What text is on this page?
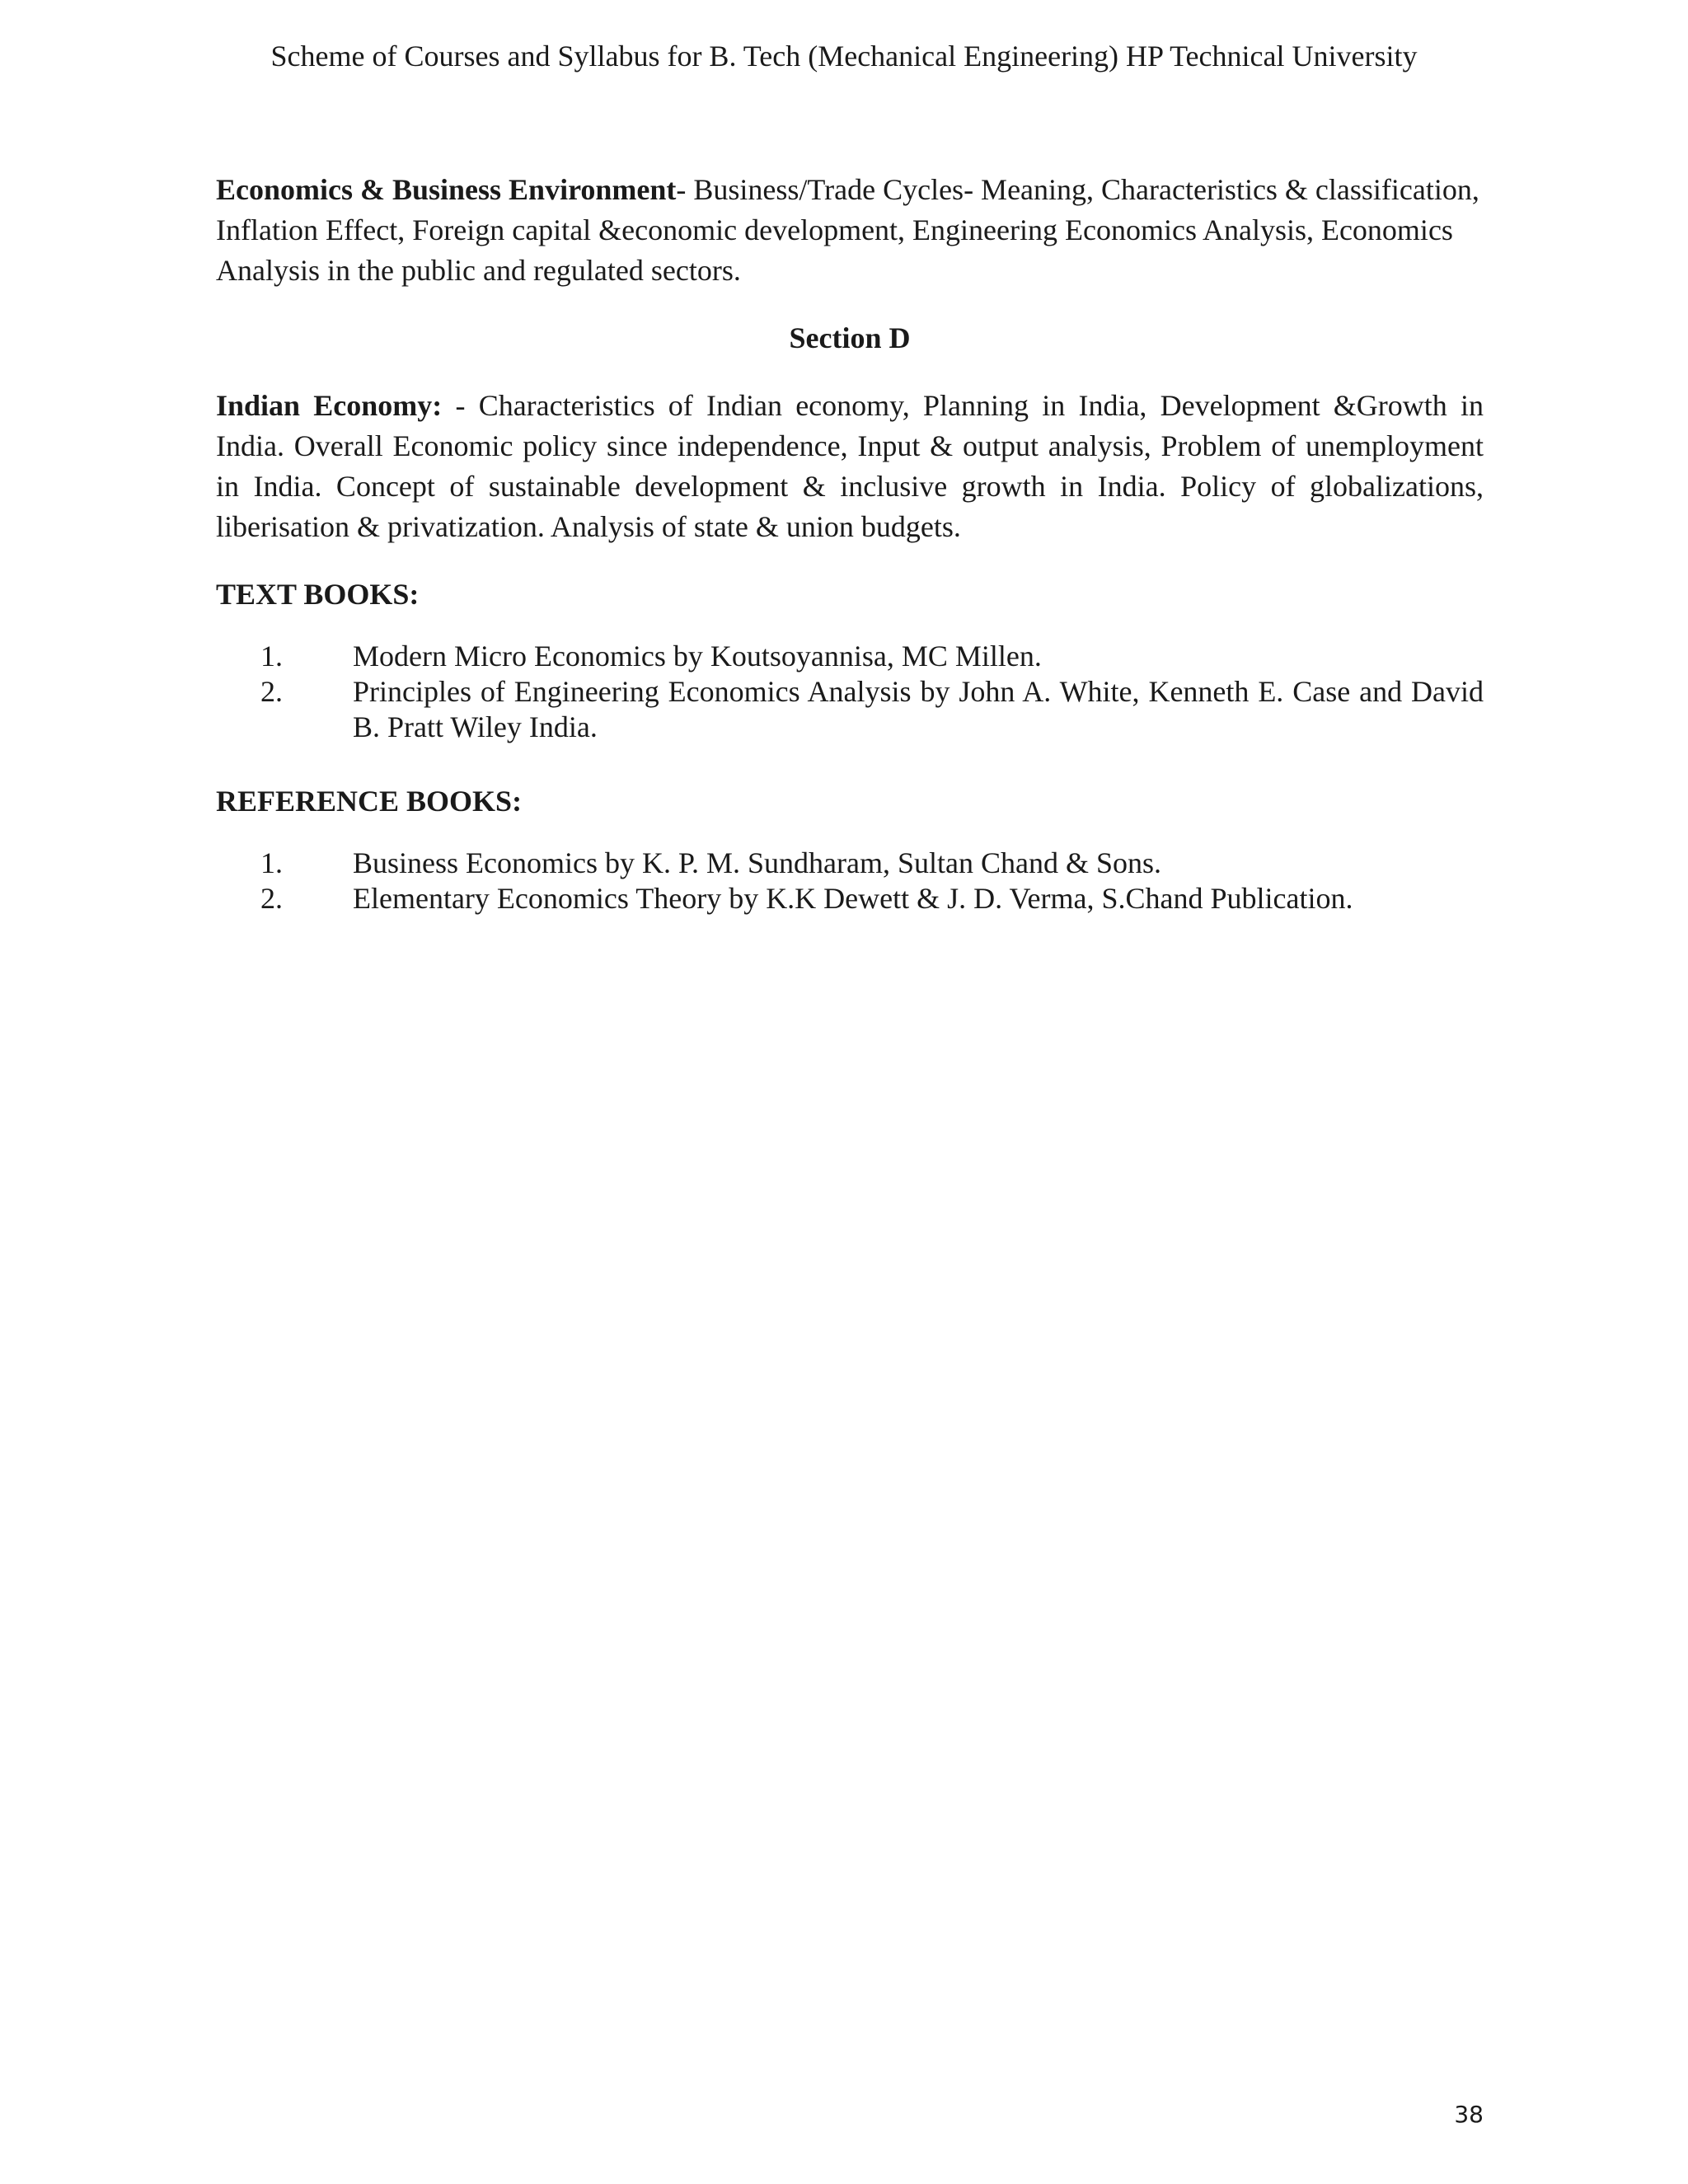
Scheme of Courses and Syllabus for B. Tech (Mechanical Engineering) HP Technical University

Economics & Business Environment- Business/Trade Cycles- Meaning, Characteristics & classification, Inflation Effect, Foreign capital &economic development, Engineering Economics Analysis, Economics Analysis in the public and regulated sectors.

Section D

Indian Economy: - Characteristics of Indian economy, Planning in India, Development &Growth in India. Overall Economic policy since independence, Input & output analysis, Problem of unemployment in India. Concept of sustainable development & inclusive growth in India. Policy of globalizations, liberisation & privatization. Analysis of state & union budgets.

TEXT BOOKS:
1.	Modern Micro Economics by Koutsoyannisa, MC Millen.
2.	Principles of Engineering Economics Analysis by John A. White, Kenneth E. Case and David B. Pratt Wiley India.
REFERENCE BOOKS:
1.	Business Economics by K. P. M. Sundharam, Sultan Chand & Sons.
2.	Elementary Economics Theory by K.K Dewett & J. D. Verma, S.Chand Publication.
38
